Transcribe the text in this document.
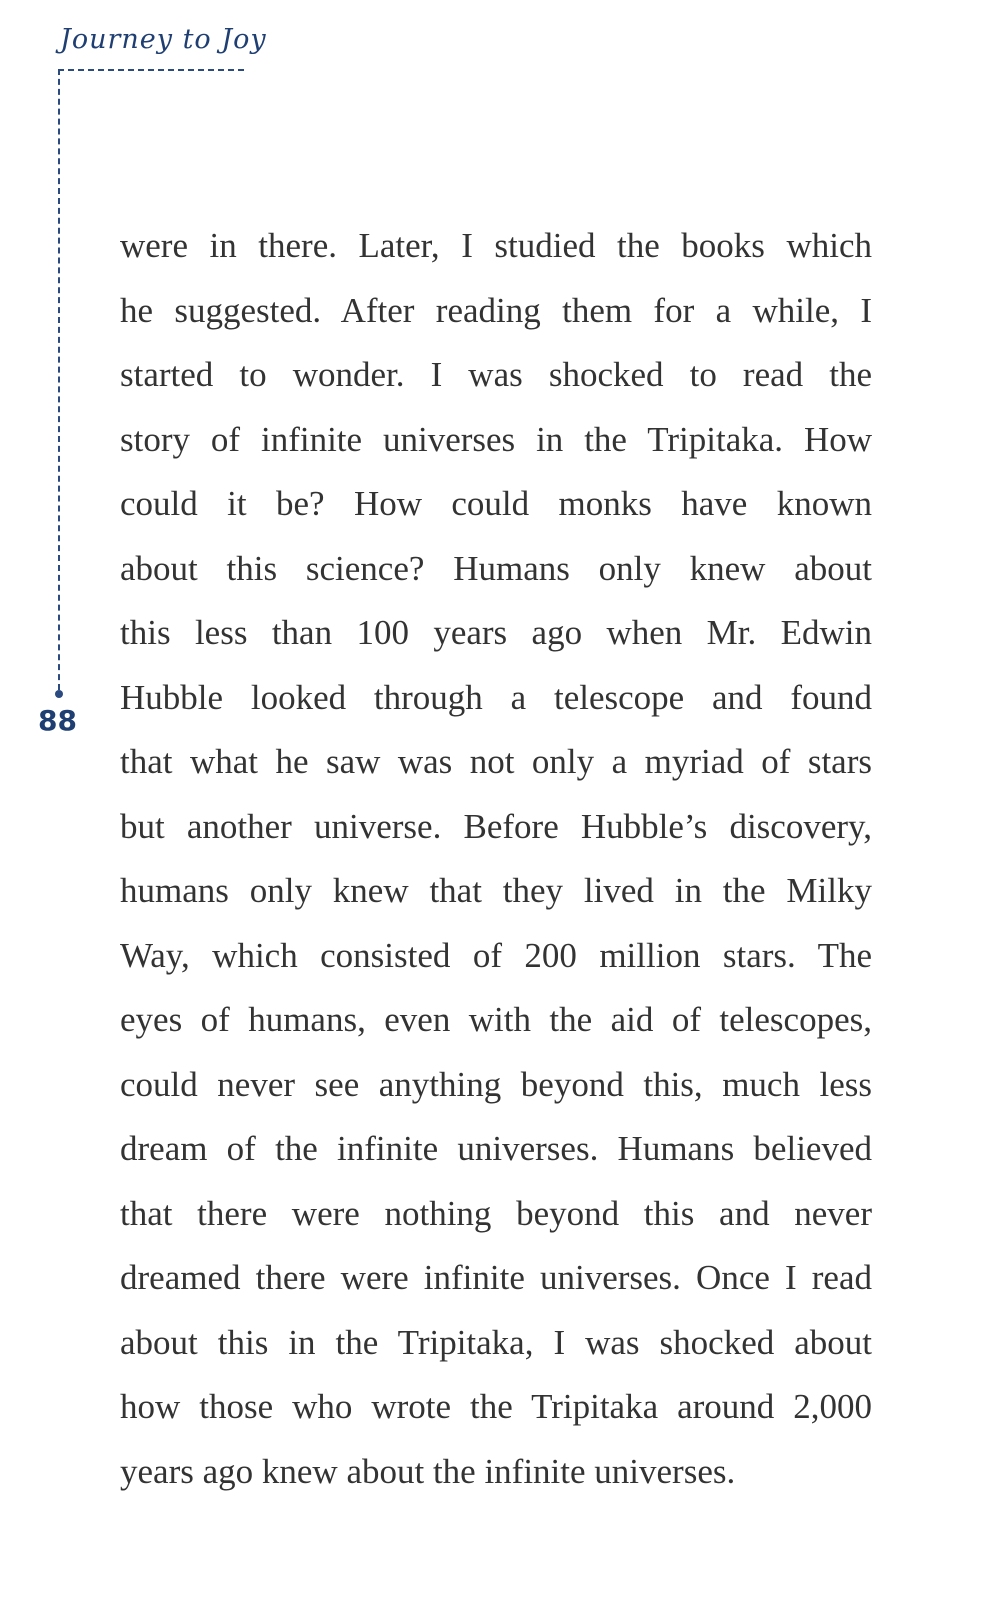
Journey to Joy
88

were in there. Later, I studied the books which
he suggested. After reading them for a while, I
started to wonder. I was shocked to read the
story of infinite universes in the Tripitaka. How
could it be? How could monks have known
about this science? Humans only knew about
this less than 100 years ago when Mr. Edwin
Hubble looked through a telescope and found
that what he saw was not only a myriad of stars
but another universe. Before Hubble’s discovery,
humans only knew that they lived in the Milky
Way, which consisted of 200 million stars. The
eyes of humans, even with the aid of telescopes,
could never see anything beyond this, much less
dream of the infinite universes. Humans believed
that there were nothing beyond this and never
dreamed there were infinite universes. Once I read
about this in the Tripitaka, I was shocked about
how those who wrote the Tripitaka around 2,000
years ago knew about the infinite universes.
